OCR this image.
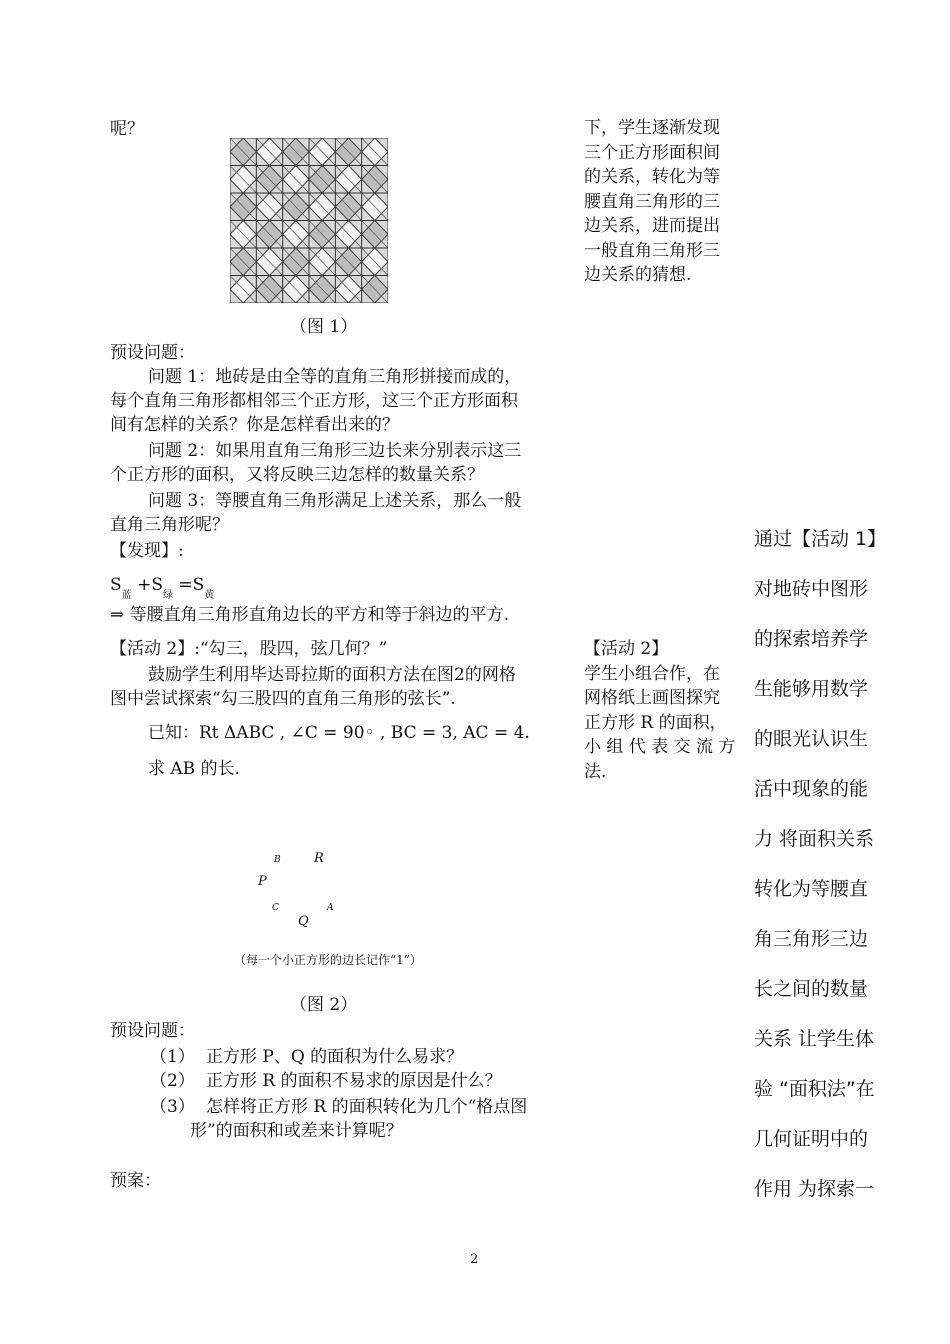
呢？
（图 1）
预设问题：
问题 1：地砖是由全等的直角三角形拼接而成的，
每个直角三角形都相邻三个正方形，这三个正方形面积
间有怎样的关系？你是怎样看出来的？
问题 2：如果用直角三角形三边长来分别表示这三
个正方形的面积，又将反映三边怎样的数量关系？
问题 3：等腰直角三角形满足上述关系，那么一般
直角三角形呢？
【发现】:
$S_蓝 +S_绿 =S_黄$
⇒ 等腰直角三角形直角边长的平方和等于斜边的平方.
【活动 2】:“勾三，股四，弦几何？”
鼓励学生利用毕达哥拉斯的面积方法在图2的网格
图中尝试探索“勾三股四的直角三角形的弦长”.
已知：Rt ΔABC , ∠C = 90◦ , BC = 3, AC = 4.
求 AB 的长.
B	R
P
C	A
Q
（每一个小正方形的边长记作“1”）
（图 2）
预设问题：
（1） 正方形 P、Q 的面积为什么易求？
（2） 正方形 R 的面积不易求的原因是什么？
（3） 怎样将正方形 R 的面积转化为几个“格点图
形”的面积和或差来计算呢？
预案：
下，学生逐渐发现
三个正方形面积间
的关系，转化为等
腰直角三角形的三
边关系，进而提出
一般直角三角形三
边关系的猜想.
【活动 2】
学生小组合作，在
网格纸上画图探究
正方形 R 的面积，
小 组 代 表 交 流 方
法.
通过【活动 1】
对地砖中图形
的探索培养学
生能够用数学
的眼光认识生
活中现象的能
力 将面积关系
转化为等腰直
角三角形三边
长之间的数量
关系 让学生体
验 “面积法”在
几何证明中的
作用 为探索一
2
